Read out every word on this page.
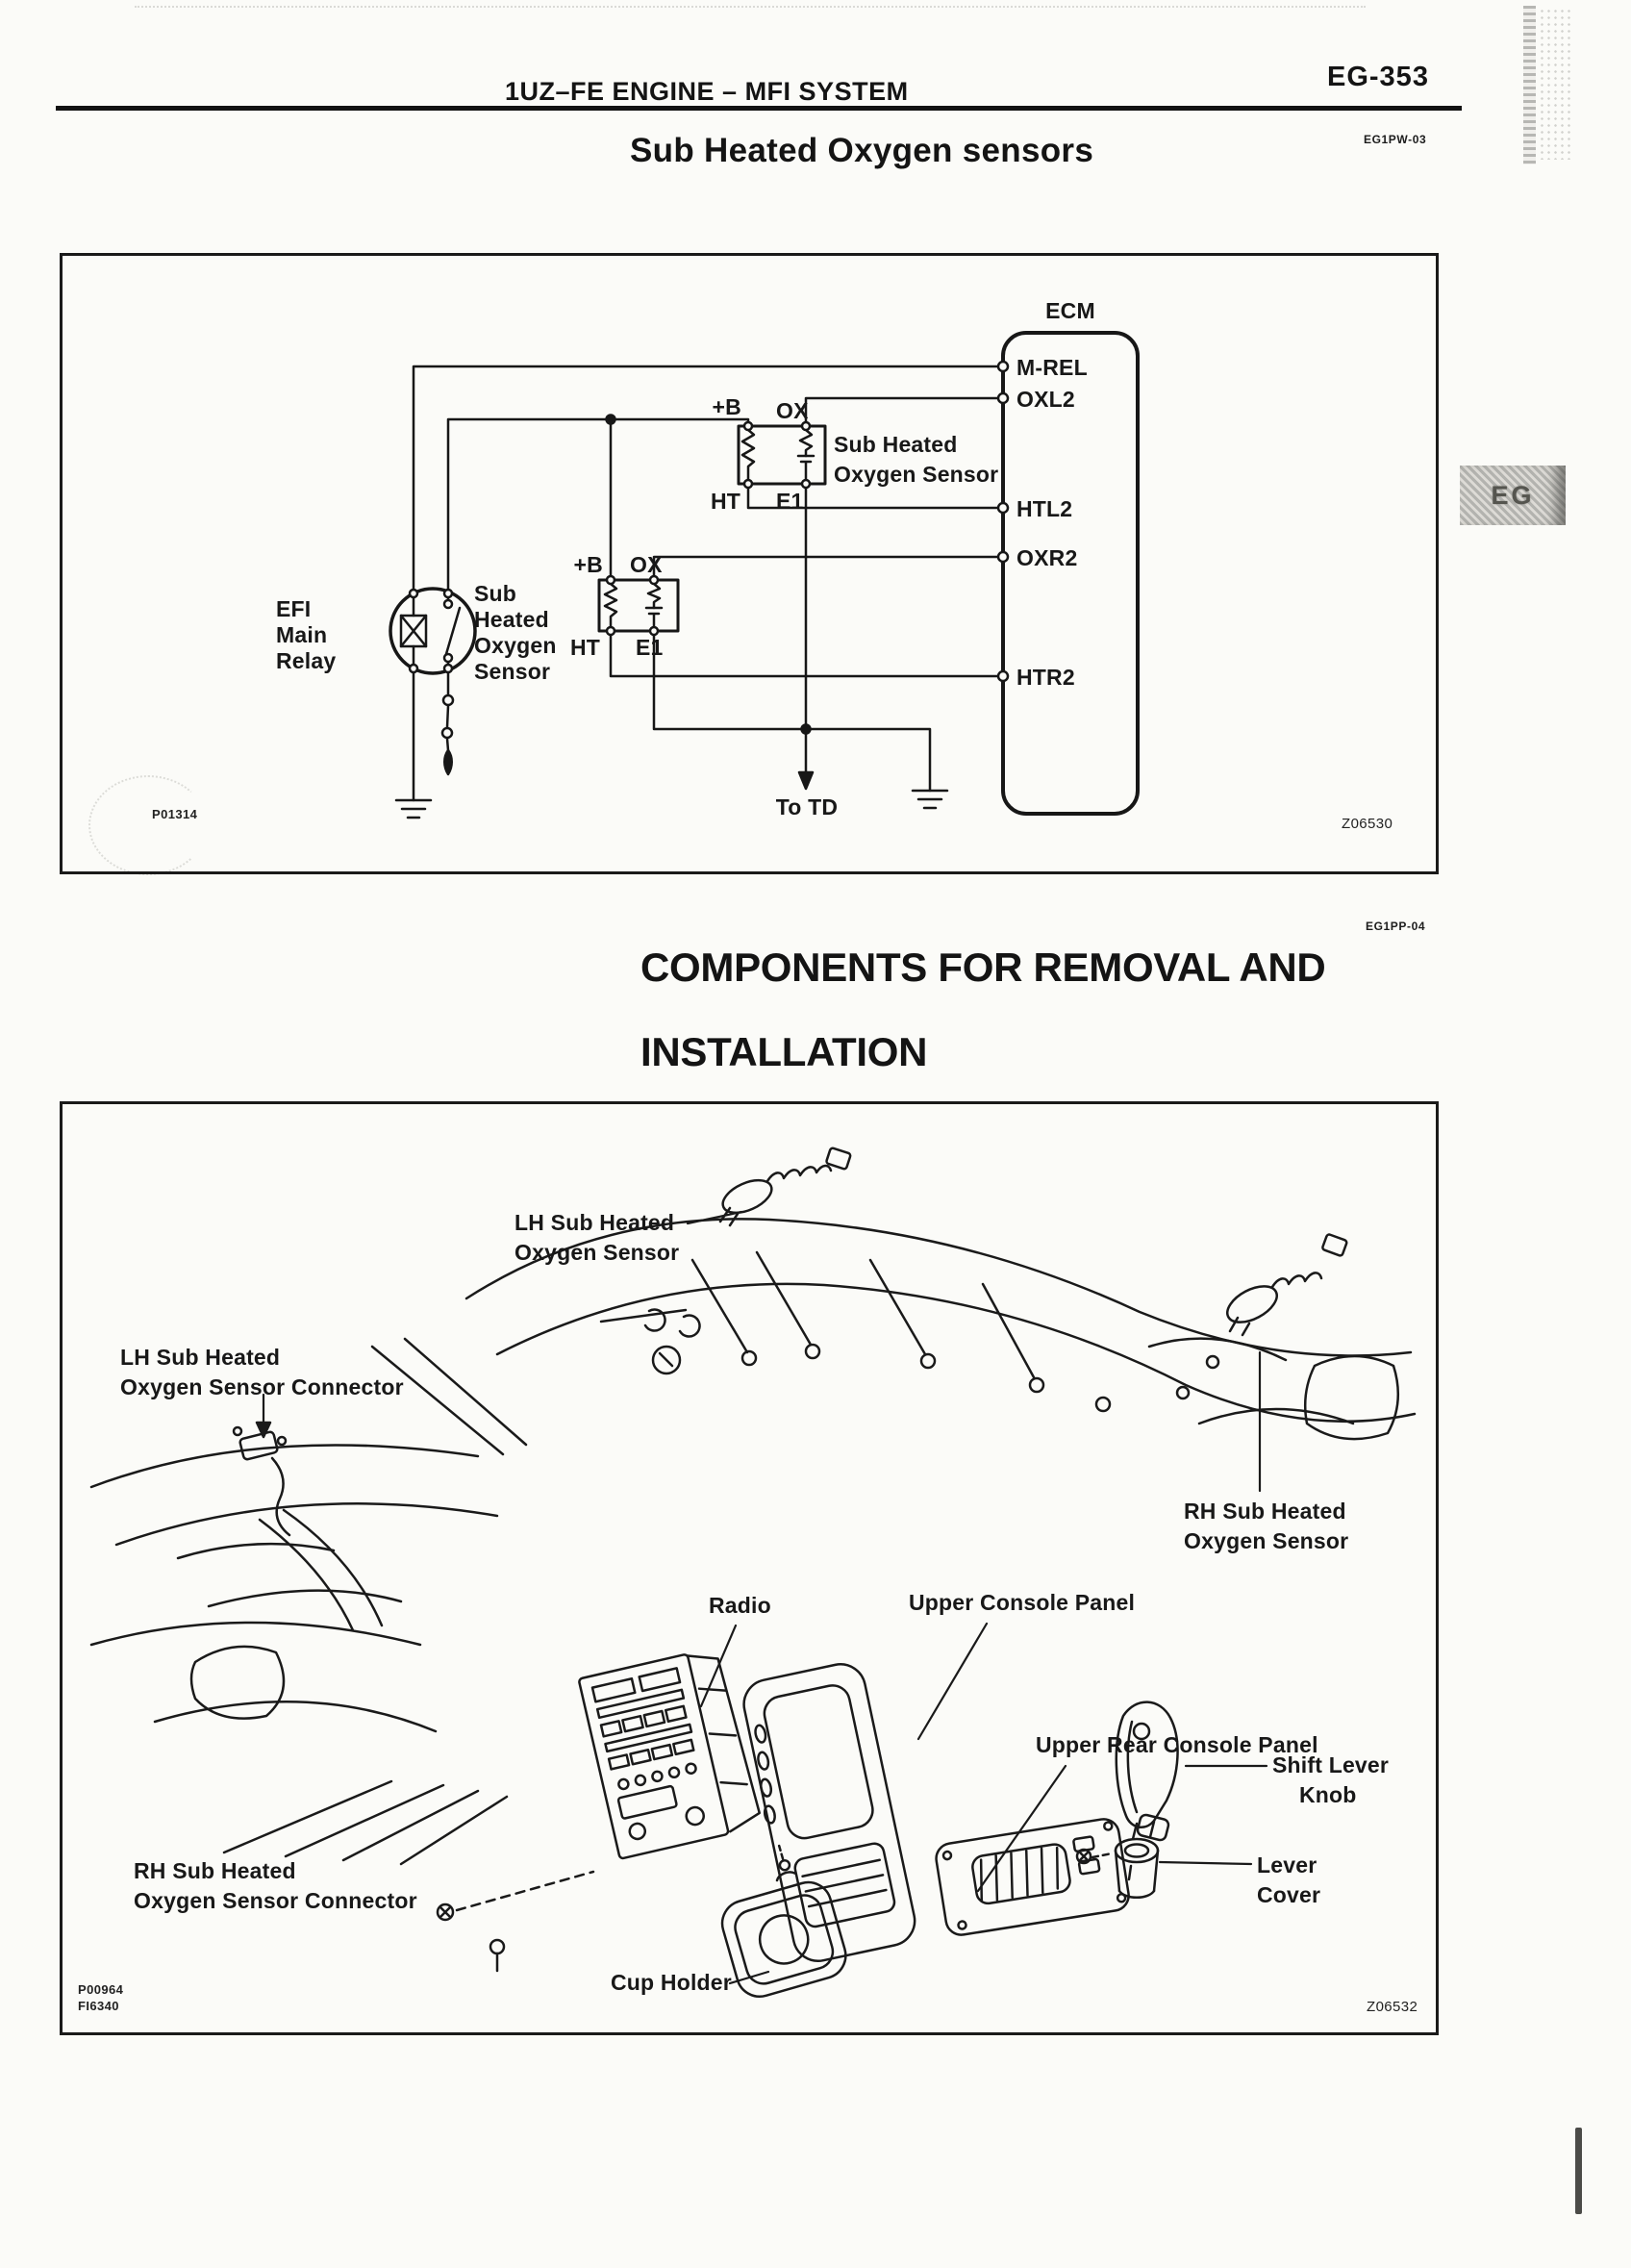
1UZ–FE ENGINE – MFI SYSTEM	EG-353
EG1PW-03
Sub Heated Oxygen sensors
EG
ECM
M-REL
OXL2
HTL2
OXR2
HTR2
+B OX
HT E1
Sub Heated
Oxygen Sensor
+B OX
HT E1
Sub
Heated
Oxygen
Sensor
EFI
Main
Relay
To TD
P01314
Z06530
EG1PP-04
COMPONENTS FOR REMOVAL AND
INSTALLATION
LH Sub Heated
Oxygen Sensor
LH Sub Heated
Oxygen Sensor Connector
RH Sub Heated
Oxygen Sensor
Radio	Upper Console Panel
Upper Rear Console Panel
Shift Lever
Knob
Lever
Cover
Cup Holder
RH Sub Heated
Oxygen Sensor Connector
P00964
FI6340	Z06532
